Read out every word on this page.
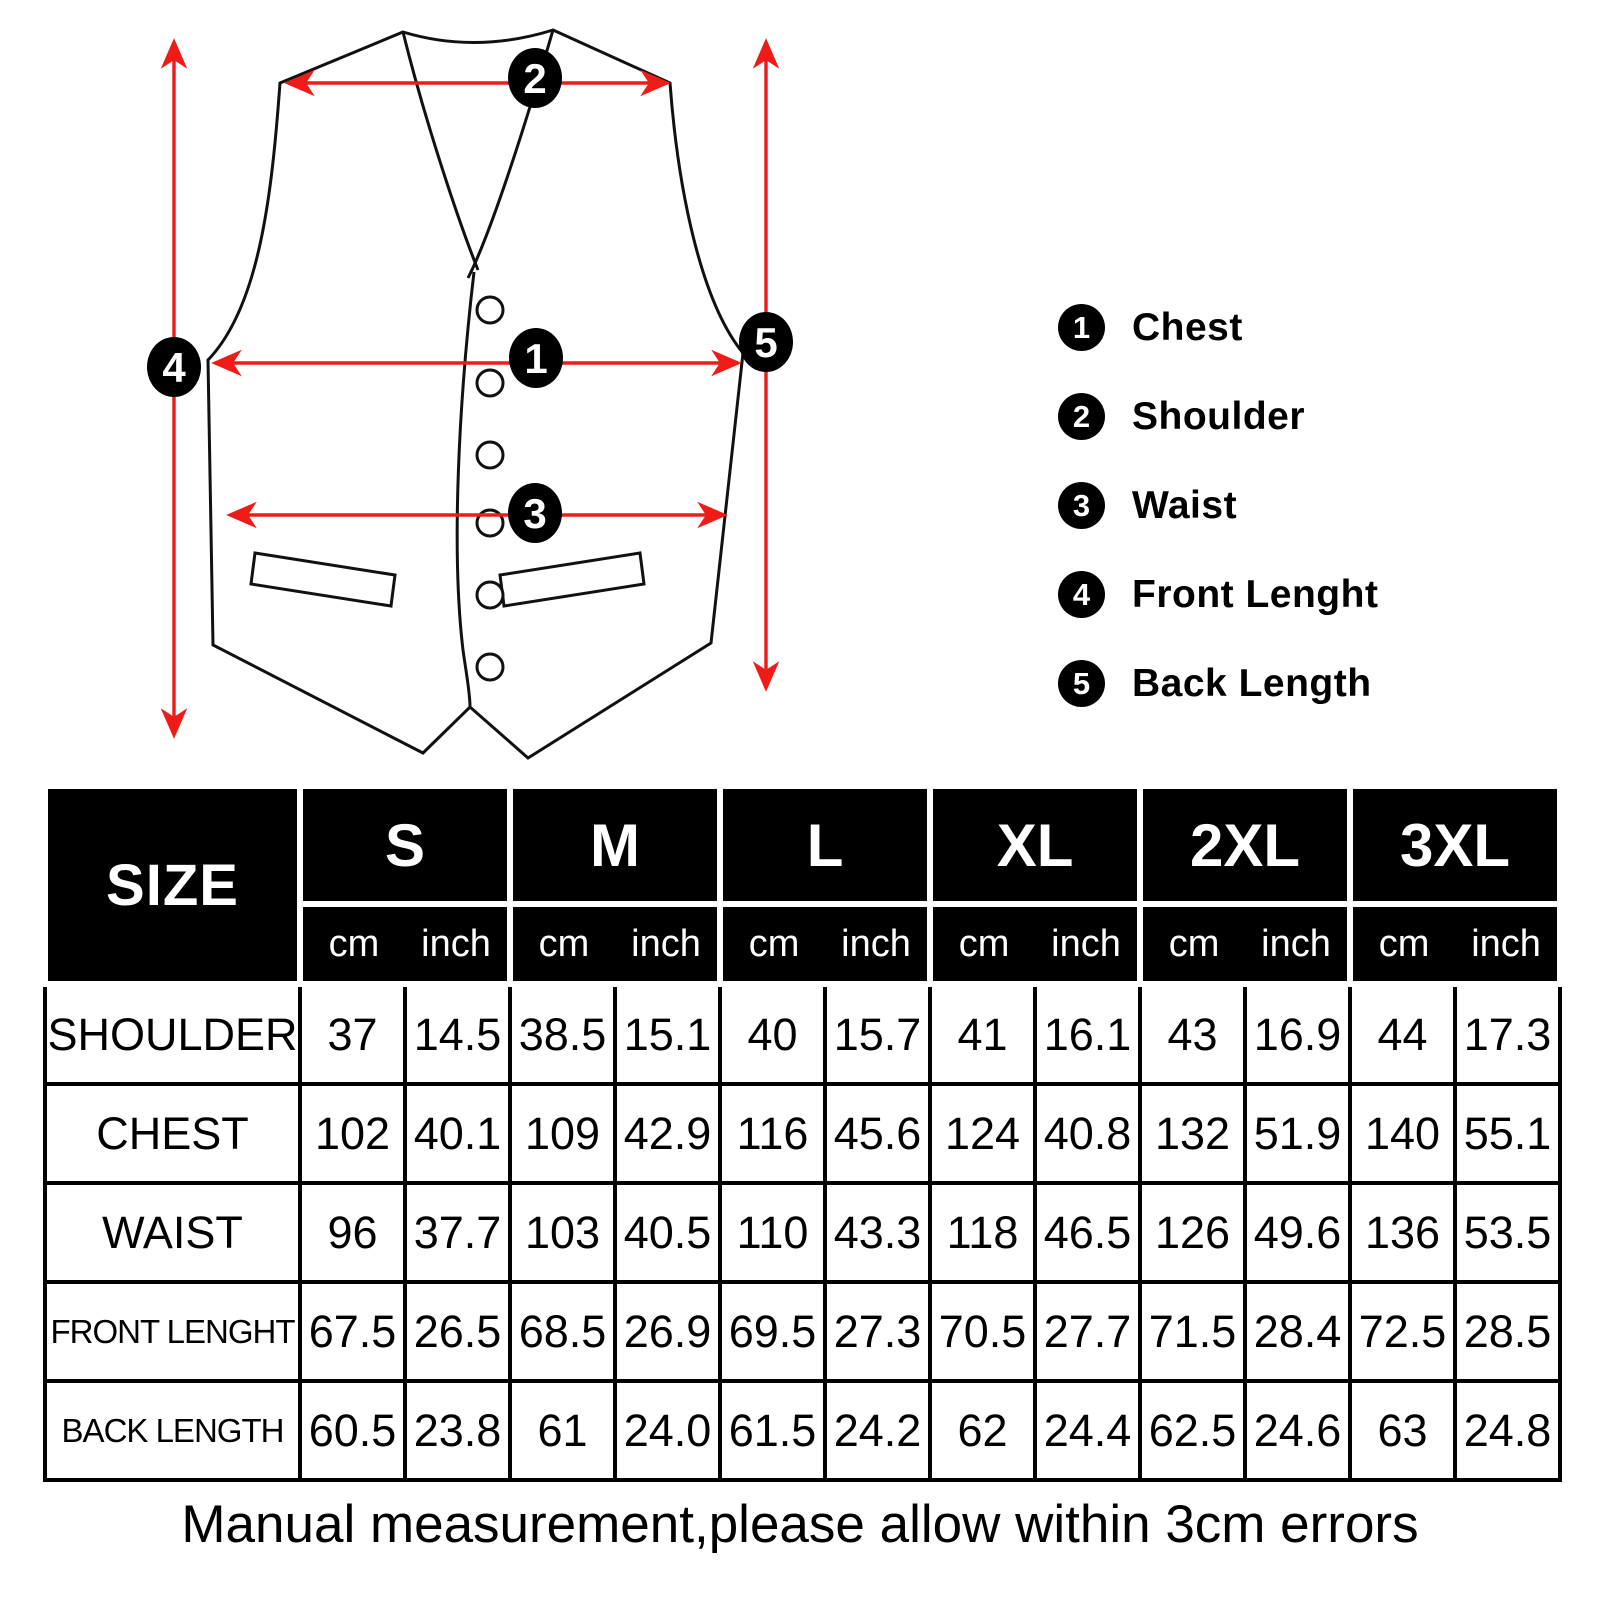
1
2
3
4
5	1 Chest
2 Shoulder
3 Waist
4 Front Lenght
5 Back Length
SIZE	S		M		L		XL		2XL		3XL	
	cm inch		cm inch		cm inch		cm inch		cm inch		cm inch	
SHOULDER	37	14.5	38.5	15.1	40	15.7	41	16.1	43	16.9	44	17.3
CHEST	102	40.1	109	42.9	116	45.6	124	40.8	132	51.9	140	55.1
WAIST	96	37.7	103	40.5	110	43.3	118	46.5	126	49.6	136	53.5
FRONT LENGHT	67.5	26.5	68.5	26.9	69.5	27.3	70.5	27.7	71.5	28.4	72.5	28.5
BACK LENGTH	60.5	23.8	61	24.0	61.5	24.2	62	24.4	62.5	24.6	63	24.8
Manual measurement,please allow within 3cm errors
